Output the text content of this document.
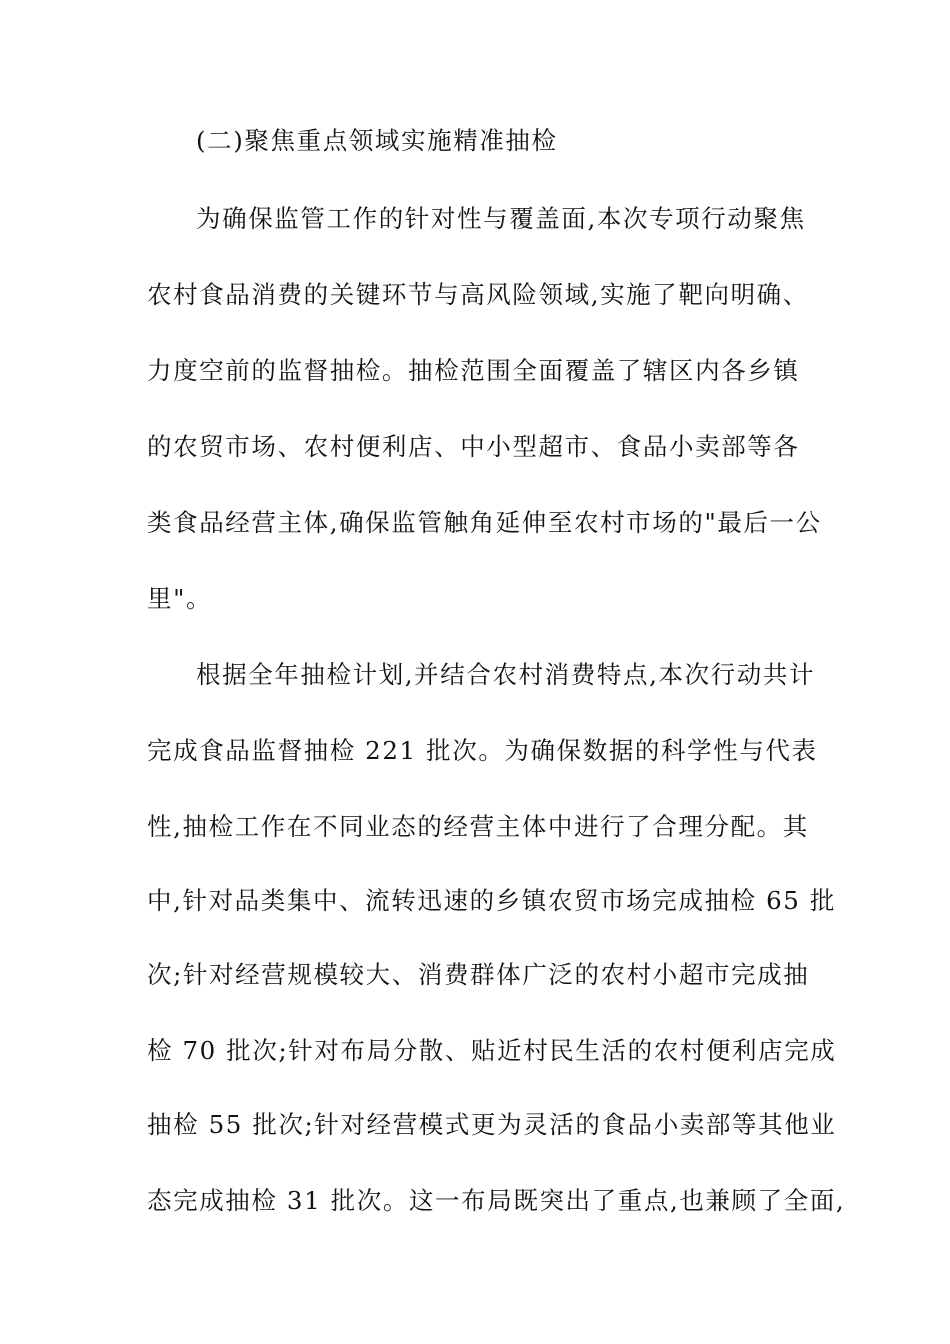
(二)聚焦重点领域实施精准抽检
为确保监管工作的针对性与覆盖面,本次专项行动聚焦
农村食品消费的关键环节与高风险领域,实施了靶向明确、
力度空前的监督抽检。抽检范围全面覆盖了辖区内各乡镇
的农贸市场、农村便利店、中小型超市、食品小卖部等各
类食品经营主体,确保监管触角延伸至农村市场的"最后一公
里"。
根据全年抽检计划,并结合农村消费特点,本次行动共计
完成食品监督抽检 221 批次。为确保数据的科学性与代表
性,抽检工作在不同业态的经营主体中进行了合理分配。其
中,针对品类集中、流转迅速的乡镇农贸市场完成抽检 65 批
次;针对经营规模较大、消费群体广泛的农村小超市完成抽
检 70 批次;针对布局分散、贴近村民生活的农村便利店完成
抽检 55 批次;针对经营模式更为灵活的食品小卖部等其他业
态完成抽检 31 批次。这一布局既突出了重点,也兼顾了全面,
